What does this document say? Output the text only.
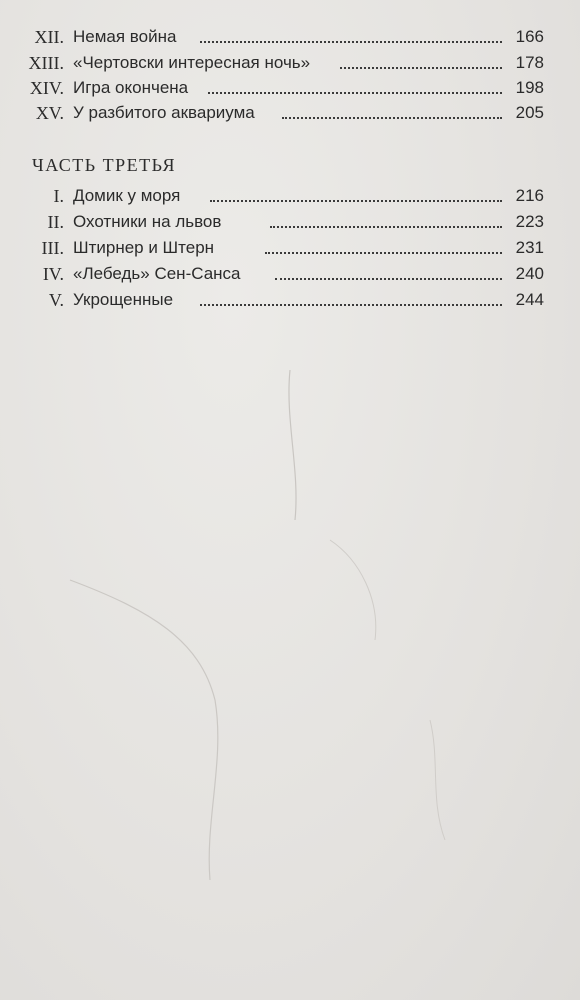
XII. Немая война	166
XIII. «Чертовски интересная ночь»	178
XIV. Игра окончена	198
XV. У разбитого аквариума	205
ЧАСТЬ ТРЕТЬЯ
I. Домик у моря	216
II. Охотники на львов	223
III. Штирнер и Штерн	231
IV. «Лебедь» Сен-Санса	240
V. Укрощенные	244
